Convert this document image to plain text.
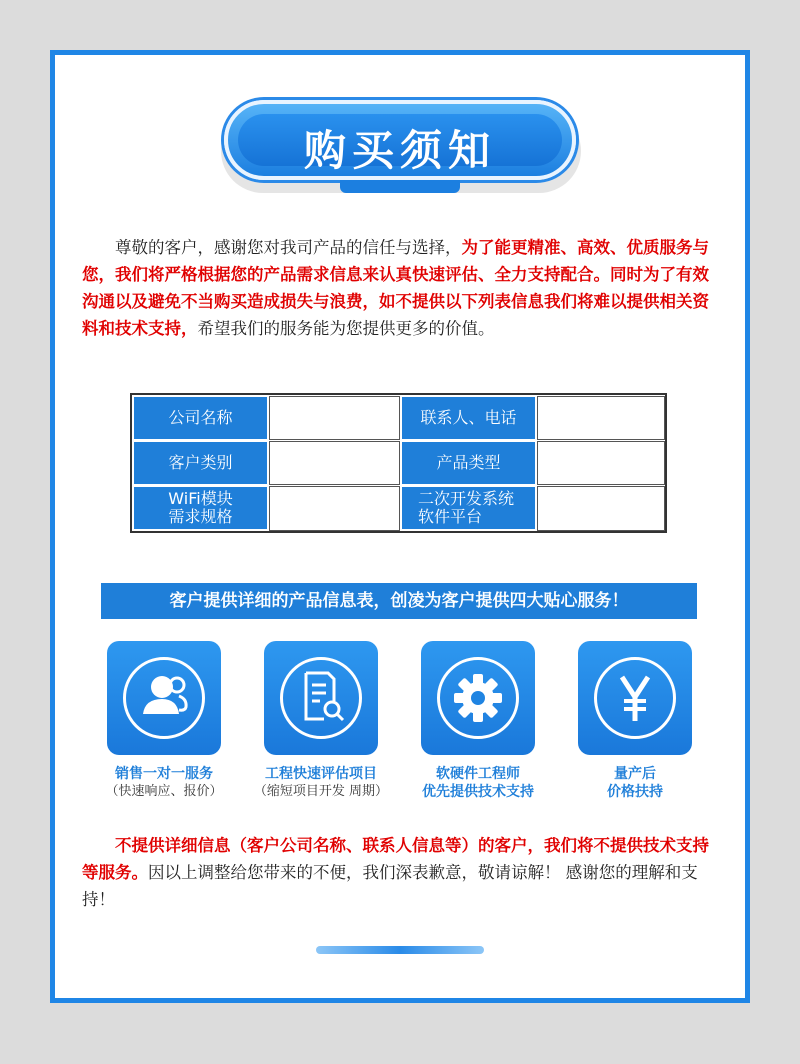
购买须知
尊敬的客户，感谢您对我司产品的信任与选择，为了能更精准、高效、优质服务与您，我们将严格根据您的产品需求信息来认真快速评估、全力支持配合。同时为了有效沟通以及避免不当购买造成损失与浪费，如不提供以下列表信息我们将难以提供相关资料和技术支持，希望我们的服务能为您提供更多的价值。
公司名称	联系人、电话
客户类别	产品类型
WiFi模块
需求规格
二次开发系统
软件平台
客户提供详细的产品信息表，创凌为客户提供四大贴心服务！
销售一对一服务
（快速响应、报价）
工程快速评估项目
（缩短项目开发 周期）
软硬件工程师
优先提供技术支持
量产后
价格扶持
不提供详细信息（客户公司名称、联系人信息等）的客户，我们将不提供技术支持等服务。因以上调整给您带来的不便，我们深表歉意，敬请谅解！ 感谢您的理解和支持！
